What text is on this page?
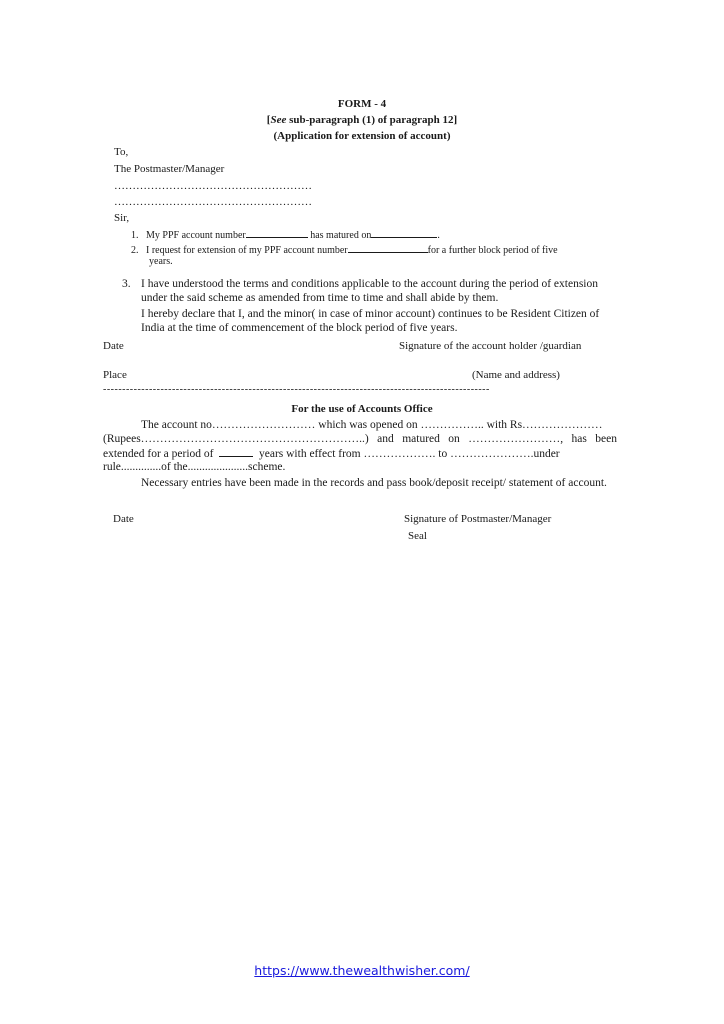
FORM - 4
[See sub-paragraph (1) of paragraph 12]
(Application for extension of account)
To,
The Postmaster/Manager
………………………………………………
………………………………………………
Sir,
1. My PPF account number	has matured on	.
2. I request for extension of my PPF account number	for a further block period of five
years.
3. I have understood the terms and conditions applicable to the account during the period of extension
under the said scheme as amended from time to time and shall abide by them.
I hereby declare that I, and the minor( in case of minor account) continues to be Resident Citizen of
India at the time of commencement of the block period of five years.
Date	Signature of the account holder /guardian
Place	(Name and address)
-----------------------------------------------------------------------------------------------------
For the use of Accounts Office
The account no……………………… which was opened on …………….. with Rs…………………
(Rupees…………………………………………………..) and matured on ……………………, has been
extended for a period of	years with effect from ………………. to ………………….under
rule..............of the.....................scheme.
Necessary entries have been made in the records and pass book/deposit receipt/ statement of account.
Date	Signature of Postmaster/Manager
Seal
https://www.thewealthwisher.com/
